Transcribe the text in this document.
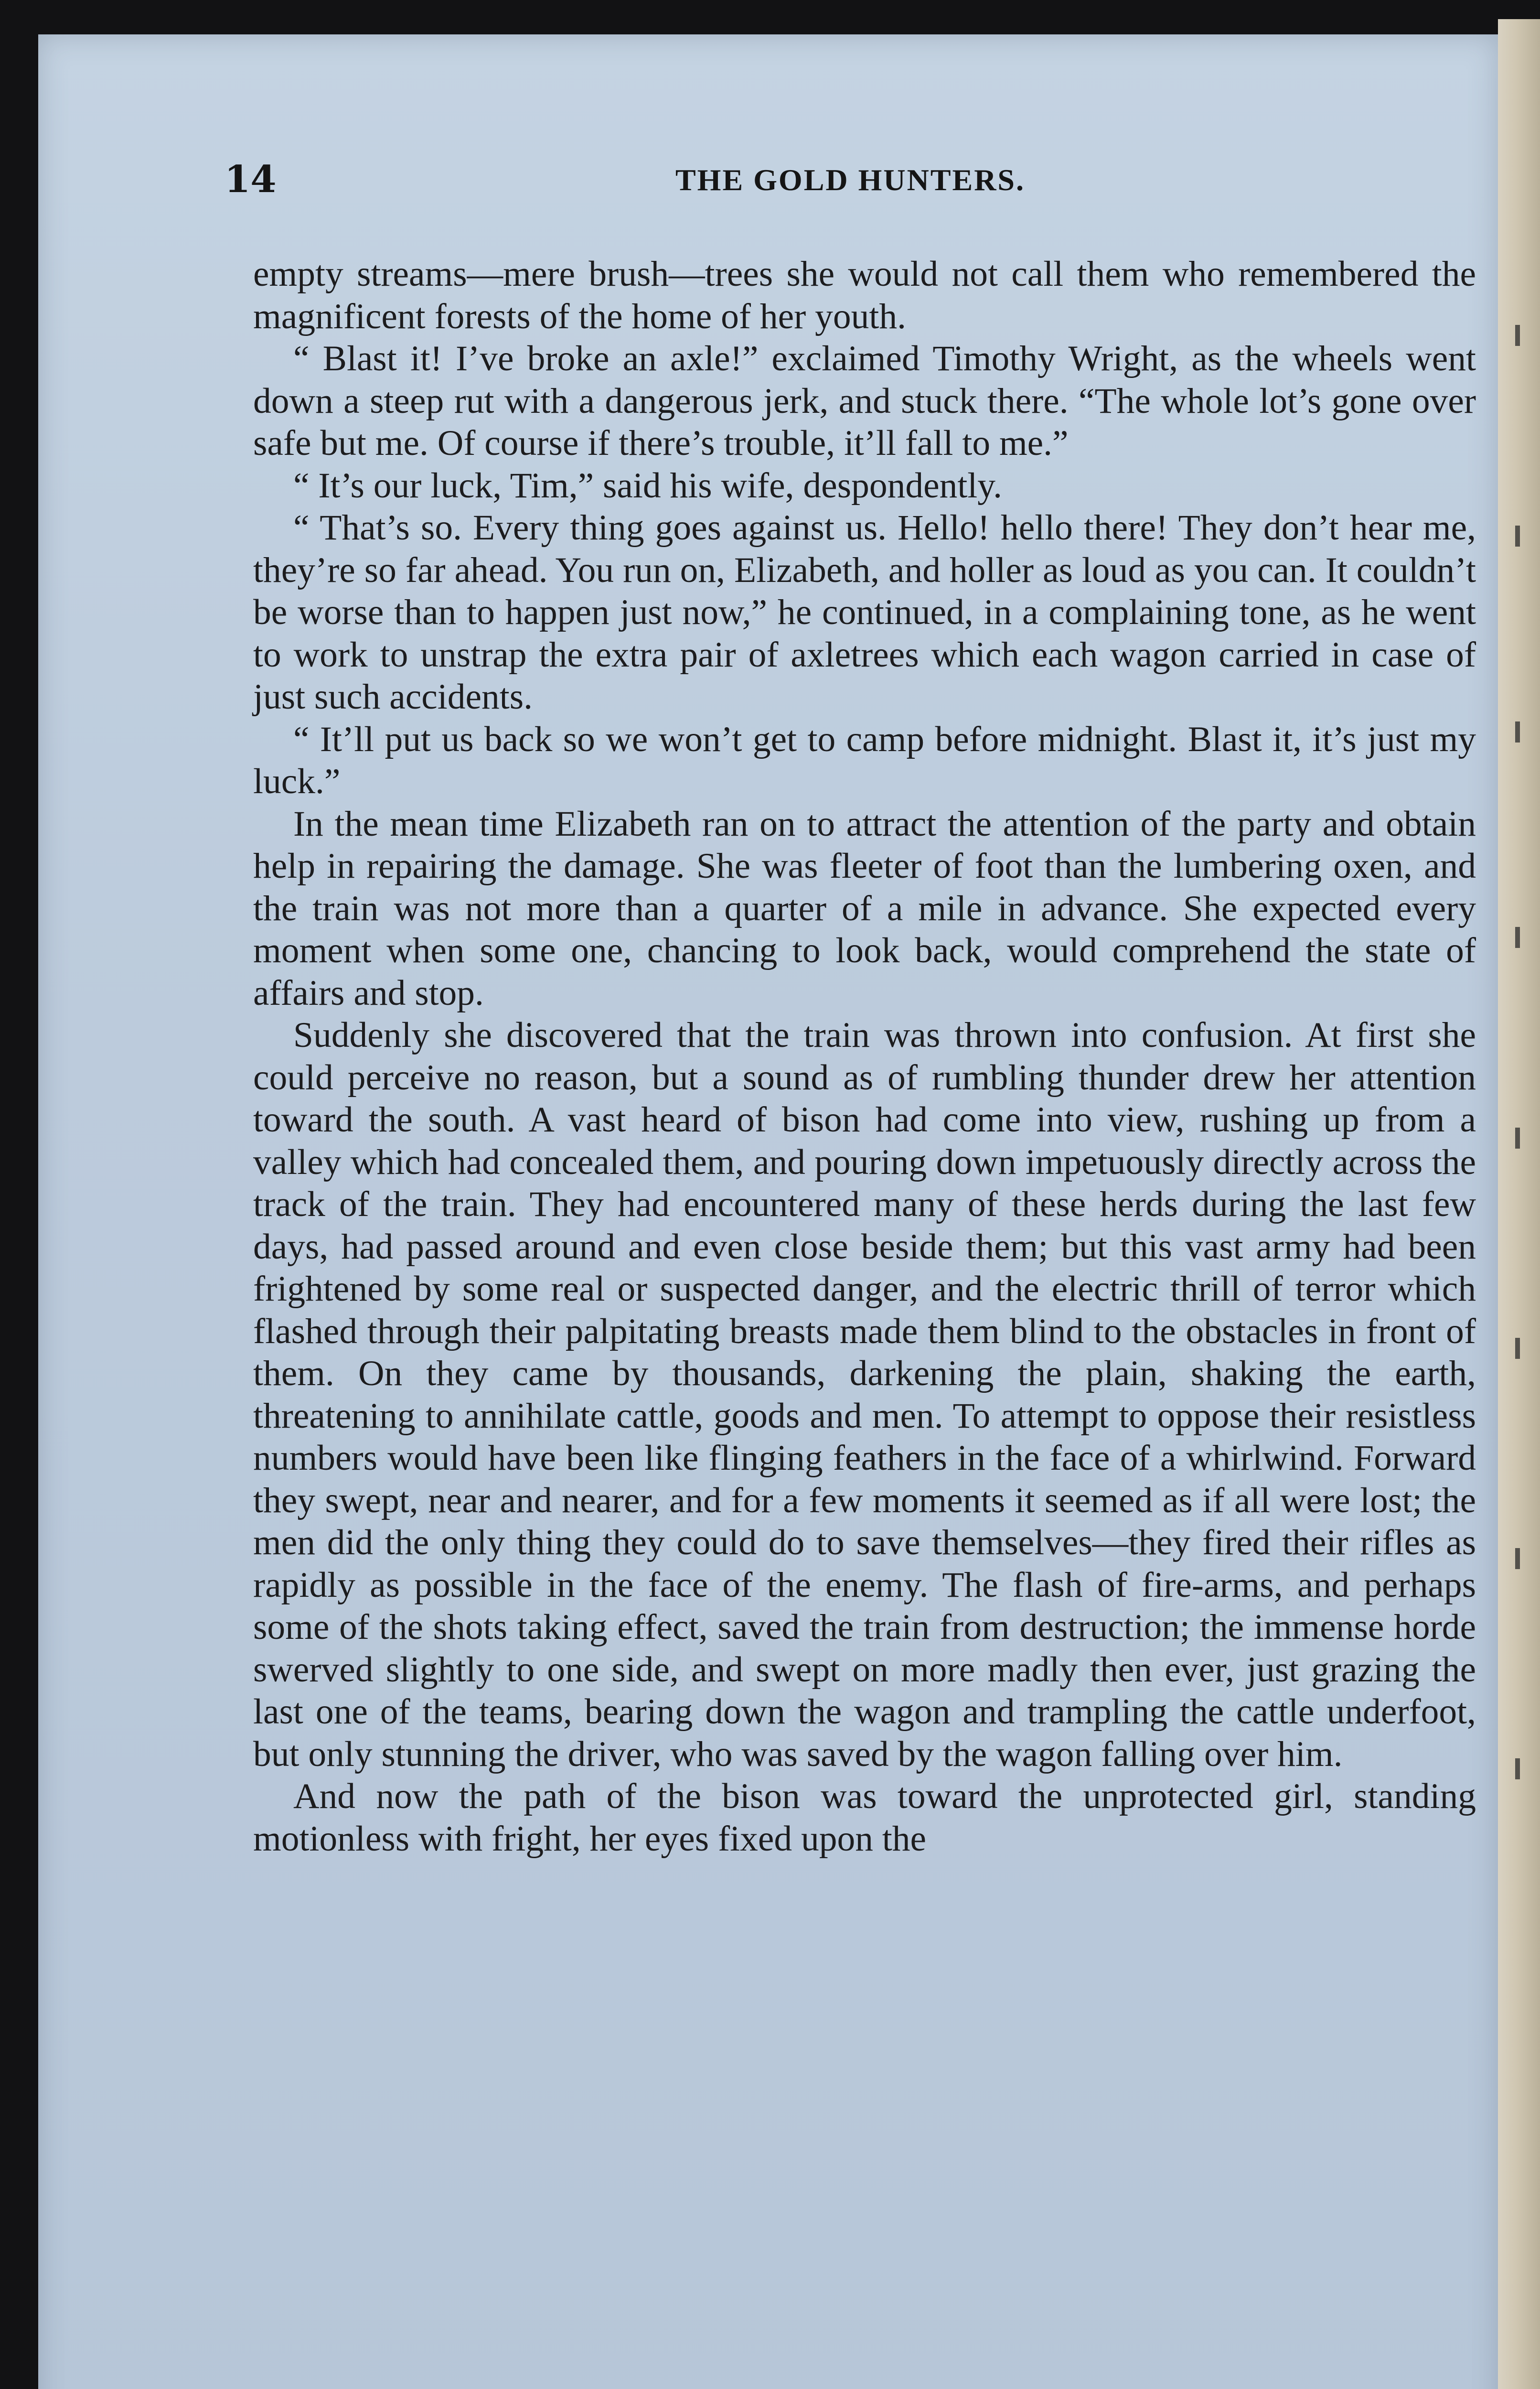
14	THE GOLD HUNTERS.

empty streams—mere brush—trees she would not call them who remembered the magnificent forests of the home of her youth.

“ Blast it! I’ve broke an axle!” exclaimed Timothy Wright, as the wheels went down a steep rut with a dangerous jerk, and stuck there. “The whole lot’s gone over safe but me. Of course if there’s trouble, it’ll fall to me.”

“ It’s our luck, Tim,” said his wife, despondently.

“ That’s so. Every thing goes against us. Hello! hello there! They don’t hear me, they’re so far ahead. You run on, Elizabeth, and holler as loud as you can. It couldn’t be worse than to happen just now,” he continued, in a complaining tone, as he went to work to unstrap the extra pair of axletrees which each wagon carried in case of just such accidents.

“ It’ll put us back so we won’t get to camp before midnight. Blast it, it’s just my luck.”

In the mean time Elizabeth ran on to attract the attention of the party and obtain help in repairing the damage. She was fleeter of foot than the lumbering oxen, and the train was not more than a quarter of a mile in advance. She expected every moment when some one, chancing to look back, would comprehend the state of affairs and stop.

Suddenly she discovered that the train was thrown into confusion. At first she could perceive no reason, but a sound as of rumbling thunder drew her attention toward the south. A vast heard of bison had come into view, rushing up from a valley which had concealed them, and pouring down impetuously directly across the track of the train. They had encountered many of these herds during the last few days, had passed around and even close beside them; but this vast army had been frightened by some real or suspected danger, and the electric thrill of terror which flashed through their palpitating breasts made them blind to the obstacles in front of them. On they came by thousands, darkening the plain, shaking the earth, threatening to annihilate cattle, goods and men. To attempt to oppose their resistless numbers would have been like flinging feathers in the face of a whirlwind. Forward they swept, near and nearer, and for a few moments it seemed as if all were lost; the men did the only thing they could do to save themselves—they fired their rifles as rapidly as possible in the face of the enemy. The flash of fire-arms, and perhaps some of the shots taking effect, saved the train from destruction; the immense horde swerved slightly to one side, and swept on more madly then ever, just grazing the last one of the teams, bearing down the wagon and trampling the cattle underfoot, but only stunning the driver, who was saved by the wagon falling over him.

And now the path of the bison was toward the unprotected girl, standing motionless with fright, her eyes fixed upon the
